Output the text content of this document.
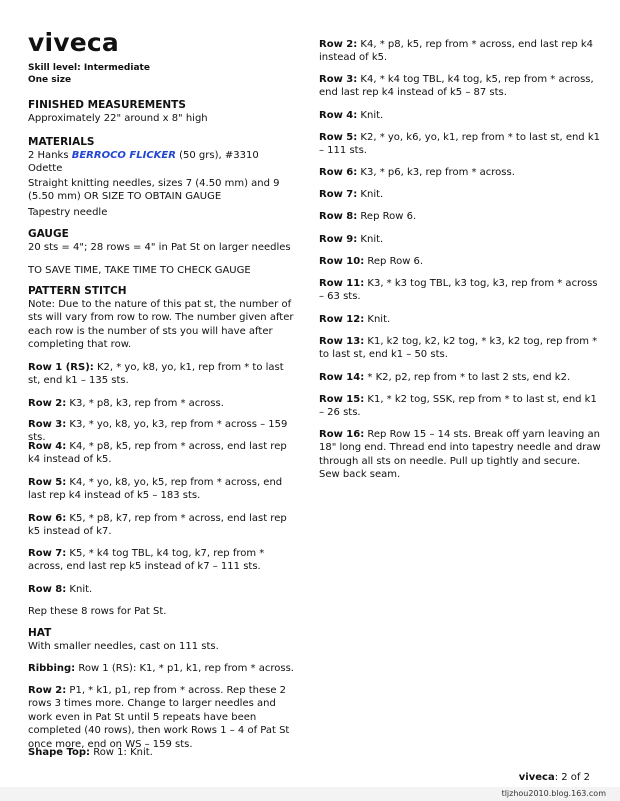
viveca
Skill level: Intermediate
One size
FINISHED MEASUREMENTS
Approximately 22" around x 8" high
MATERIALS
2 Hanks BERROCO FLICKER (50 grs), #3310 Odette
Straight knitting needles, sizes 7 (4.50 mm) and 9 (5.50 mm) OR SIZE TO OBTAIN GAUGE
Tapestry needle
GAUGE
20 sts = 4"; 28 rows = 4" in Pat St on larger needles
TO SAVE TIME, TAKE TIME TO CHECK GAUGE
PATTERN STITCH
Note: Due to the nature of this pat st, the number of sts will vary from row to row. The number given after each row is the number of sts you will have after completing that row.
Row 1 (RS): K2, * yo, k8, yo, k1, rep from * to last st, end k1 – 135 sts.
Row 2: K3, * p8, k3, rep from * across.
Row 3: K3, * yo, k8, yo, k3, rep from * across – 159 sts.
Row 4: K4, * p8, k5, rep from * across, end last rep k4 instead of k5.
Row 5: K4, * yo, k8, yo, k5, rep from * across, end last rep k4 instead of k5 – 183 sts.
Row 6: K5, * p8, k7, rep from * across, end last rep k5 instead of k7.
Row 7: K5, * k4 tog TBL, k4 tog, k7, rep from * across, end last rep k5 instead of k7 – 111 sts.
Row 8: Knit.
Rep these 8 rows for Pat St.
HAT
With smaller needles, cast on 111 sts.
Ribbing: Row 1 (RS): K1, * p1, k1, rep from * across.
Row 2: P1, * k1, p1, rep from * across. Rep these 2 rows 3 times more. Change to larger needles and work even in Pat St until 5 repeats have been completed (40 rows), then work Rows 1 – 4 of Pat St once more, end on WS – 159 sts.
Shape Top: Row 1: Knit.
Row 2: K4, * p8, k5, rep from * across, end last rep k4 instead of k5.
Row 3: K4, * k4 tog TBL, k4 tog, k5, rep from * across, end last rep k4 instead of k5 – 87 sts.
Row 4: Knit.
Row 5: K2, * yo, k6, yo, k1, rep from * to last st, end k1 – 111 sts.
Row 6: K3, * p6, k3, rep from * across.
Row 7: Knit.
Row 8: Rep Row 6.
Row 9: Knit.
Row 10: Rep Row 6.
Row 11: K3, * k3 tog TBL, k3 tog, k3, rep from * across – 63 sts.
Row 12: Knit.
Row 13: K1, k2 tog, k2, k2 tog, * k3, k2 tog, rep from * to last st, end k1 – 50 sts.
Row 14: * K2, p2, rep from * to last 2 sts, end k2.
Row 15: K1, * k2 tog, SSK, rep from * to last st, end k1 – 26 sts.
Row 16: Rep Row 15 – 14 sts. Break off yarn leaving an 18" long end. Thread end into tapestry needle and draw through all sts on needle. Pull up tightly and secure. Sew back seam.
viveca: 2 of 2
tljzhou2010.blog.163.com
